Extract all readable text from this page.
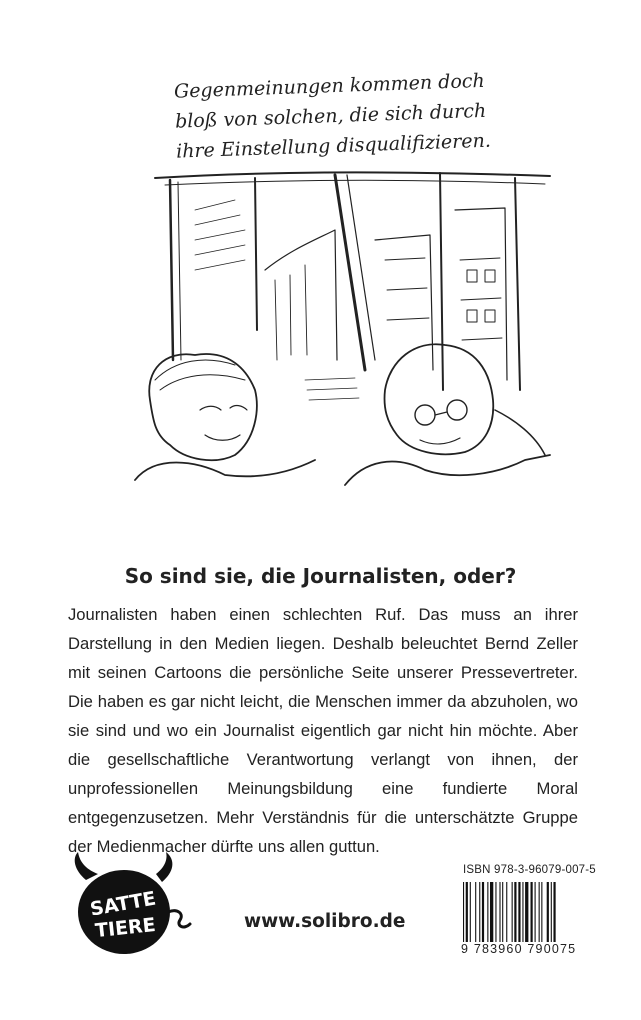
Gegenmeinungen kommen doch
bloß von solchen, die sich durch
ihre Einstellung disqualifizieren.
So sind sie, die Journalisten, oder?
Journalisten haben einen schlechten Ruf. Das muss an ihrer Darstellung in den Medien liegen. Deshalb beleuchtet Bernd Zeller mit seinen Cartoons die persönliche Seite unserer Pressevertreter. Die haben es gar nicht leicht, die Menschen immer da abzuholen, wo sie sind und wo ein Journalist eigentlich gar nicht hin möchte. Aber die gesellschaftliche Verantwortung verlangt von ihnen, der unprofessionellen Meinungsbildung eine fundierte Moral entgegenzusetzen. Mehr Verständnis für die unterschätzte Gruppe der Medienmacher dürfte uns allen guttun.
SATTE
TIERE	www.solibro.de
ISBN 978-3-96079-007-5
9 783960 790075
